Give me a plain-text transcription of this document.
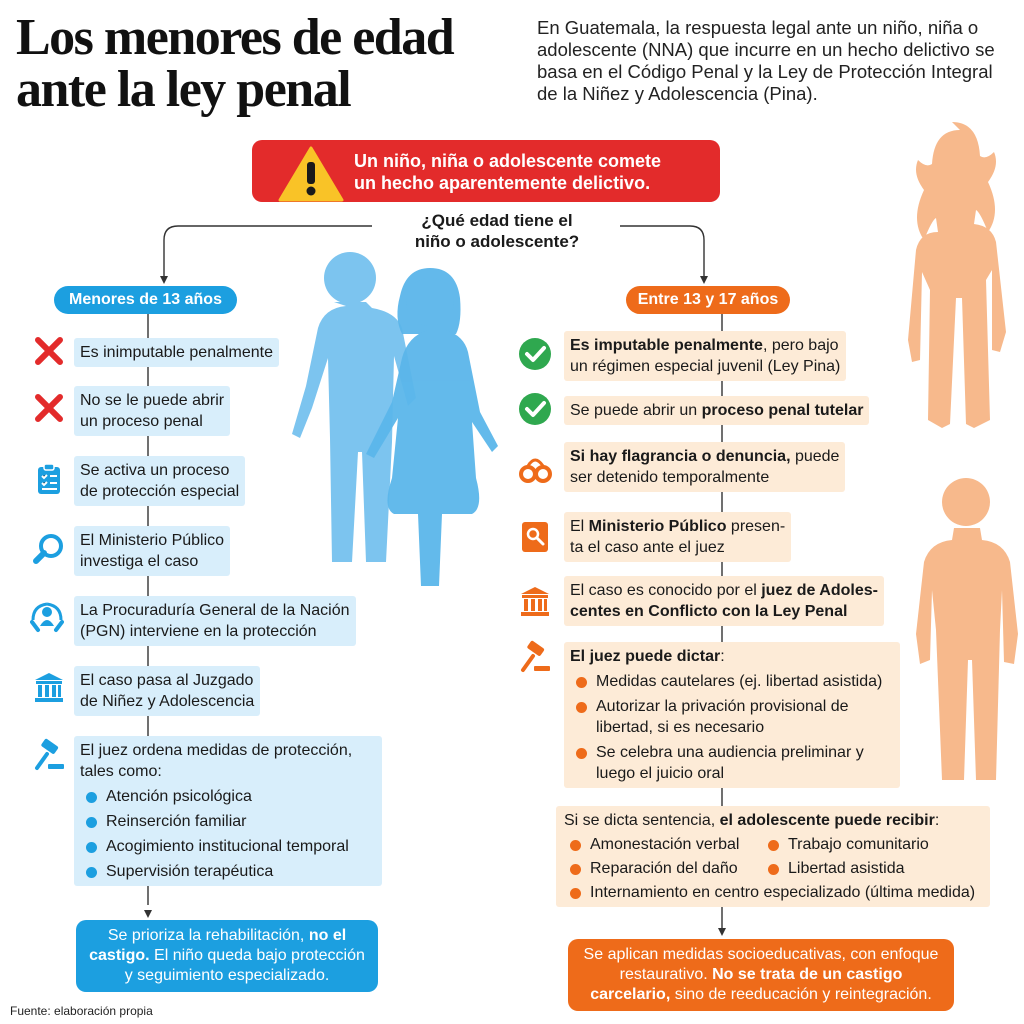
Los menores de edad
ante la ley penal
En Guatemala, la respuesta legal ante un niño, niña o adolescente (NNA) que incurre en un hecho delictivo se basa en el Código Penal y la Ley de Protección Integral de la Niñez y Adolescencia (Pina).
Un niño, niña o adolescente comete
un hecho aparentemente delictivo.
¿Qué edad tiene el
niño o adolescente?
Menores de 13 años	Entre 13 y 17 años
Es inimputable penalmente
No se le puede abrir
un proceso penal
Se activa un proceso
de protección especial
El Ministerio Público
investiga el caso
La Procuraduría General de la Nación
(PGN) interviene en la protección
El caso pasa al Juzgado
de Niñez y Adolescencia
El juez ordena medidas de protección,
tales como:
Atención psicológica
Reinserción familiar
Acogimiento institucional temporal
Supervisión terapéutica
Se prioriza la rehabilitación, no el castigo. El niño queda bajo protección y seguimiento especializado.
Es imputable penalmente, pero bajo
un régimen especial juvenil (Ley Pina)
Se puede abrir un proceso penal tutelar
Si hay flagrancia o denuncia, puede
ser detenido temporalmente
El Ministerio Público presen-
ta el caso ante el juez
El caso es conocido por el juez de Adoles-
centes en Conflicto con la Ley Penal
El juez puede dictar:
Medidas cautelares (ej. libertad asistida)
Autorizar la privación provisional de
libertad, si es necesario
Se celebra una audiencia preliminar y
luego el juicio oral
Si se dicta sentencia, el adolescente puede recibir:
Amonestación verbal	Trabajo comunitario
Reparación del daño	Libertad asistida
Internamiento en centro especializado (última medida)
Se aplican medidas socioeducativas, con enfoque restaurativo. No se trata de un castigo carcelario, sino de reeducación y reintegración.
Fuente: elaboración propia
